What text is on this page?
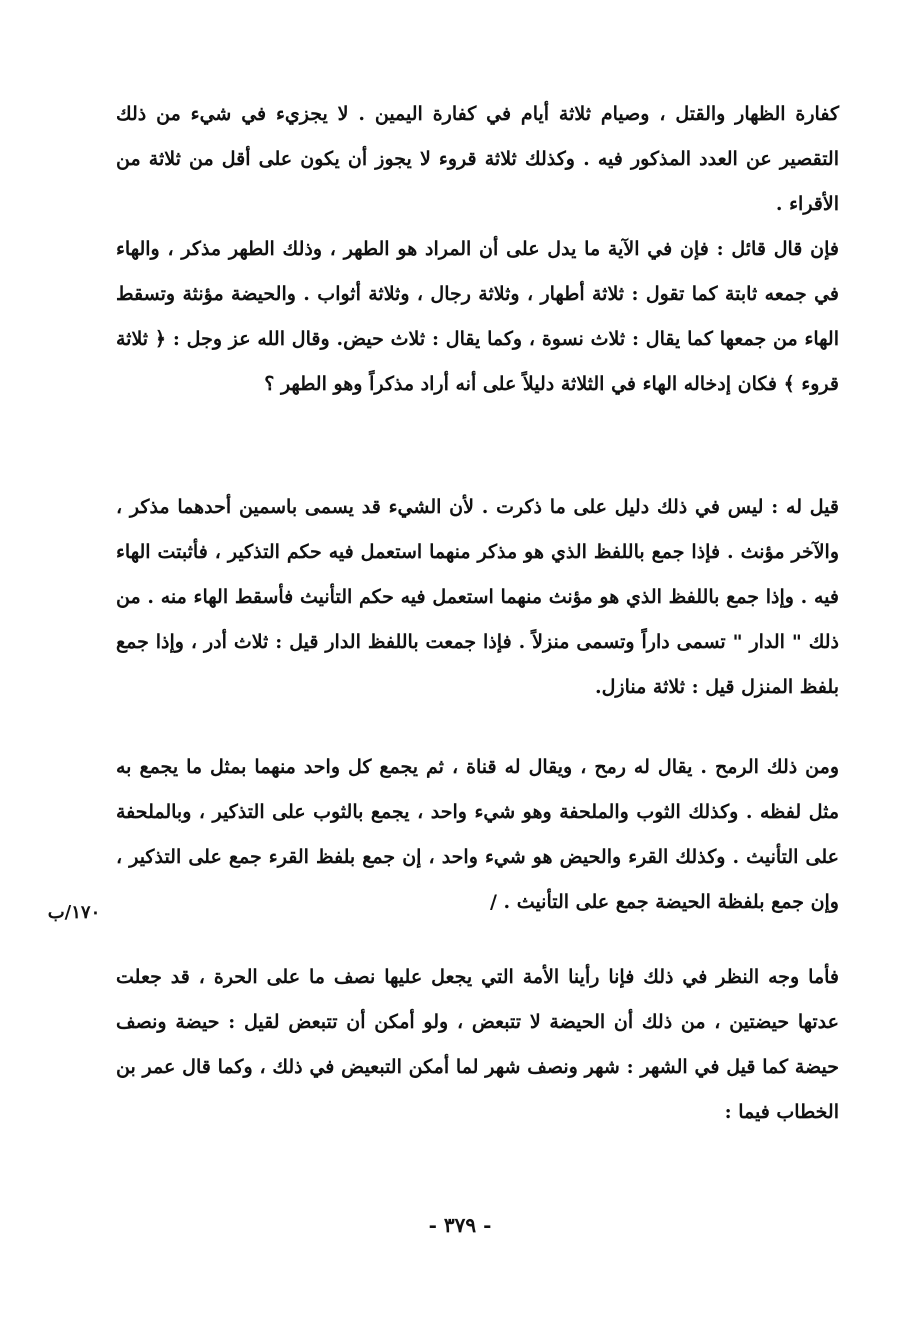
كفارة الظهار والقتل ، وصيام ثلاثة أيام في كفارة اليمين . لا يجزيء في شيء من ذلك التقصير عن العدد المذكور فيه . وكذلك ثلاثة قروء لا يجوز أن يكون على أقل من ثلاثة من الأقراء .

فإن قال قائل : فإن في الآية ما يدل على أن المراد هو الطهر ، وذلك الطهر مذكر ، والهاء في جمعه ثابتة كما تقول : ثلاثة أطهار ، وثلاثة رجال ، وثلاثة أثواب . والحيضة مؤنثة وتسقط الهاء من جمعها كما يقال : ثلاث نسوة ، وكما يقال : ثلاث حيض. وقال الله عز وجل : ﴿ ثلاثة قروء ﴾ فكان إدخاله الهاء في الثلاثة دليلاً على أنه أراد مذكراً وهو الطهر ؟

قيل له : ليس في ذلك دليل على ما ذكرت . لأن الشيء قد يسمى باسمين أحدهما مذكر ، والآخر مؤنث . فإذا جمع باللفظ الذي هو مذكر منهما استعمل فيه حكم التذكير ، فأثبتت الهاء فيه . وإذا جمع باللفظ الذي هو مؤنث منهما استعمل فيه حكم التأنيث فأسقط الهاء منه . من ذلك " الدار " تسمى داراً وتسمى منزلاً . فإذا جمعت باللفظ الدار قيل : ثلاث أدر ، وإذا جمع بلفظ المنزل قيل : ثلاثة منازل.

ومن ذلك الرمح . يقال له رمح ، ويقال له قناة ، ثم يجمع كل واحد منهما بمثل ما يجمع به مثل لفظه . وكذلك الثوب والملحفة وهو شيء واحد ، يجمع بالثوب على التذكير ، وبالملحفة على التأنيث . وكذلك القرء والحيض هو شيء واحد ، إن جمع بلفظ القرء جمع على التذكير ، وإن جمع بلفظة الحيضة جمع على التأنيث . /

فأما وجه النظر في ذلك فإنا رأينا الأمة التي يجعل عليها نصف ما على الحرة ، قد جعلت عدتها حيضتين ، من ذلك أن الحيضة لا تتبعض ، ولو أمكن أن تتبعض لقيل : حيضة ونصف حيضة كما قيل في الشهر : شهر ونصف شهر لما أمكن التبعيض في ذلك ، وكما قال عمر بن الخطاب فيما :

١٧٠/ب
- ٣٧٩ -
